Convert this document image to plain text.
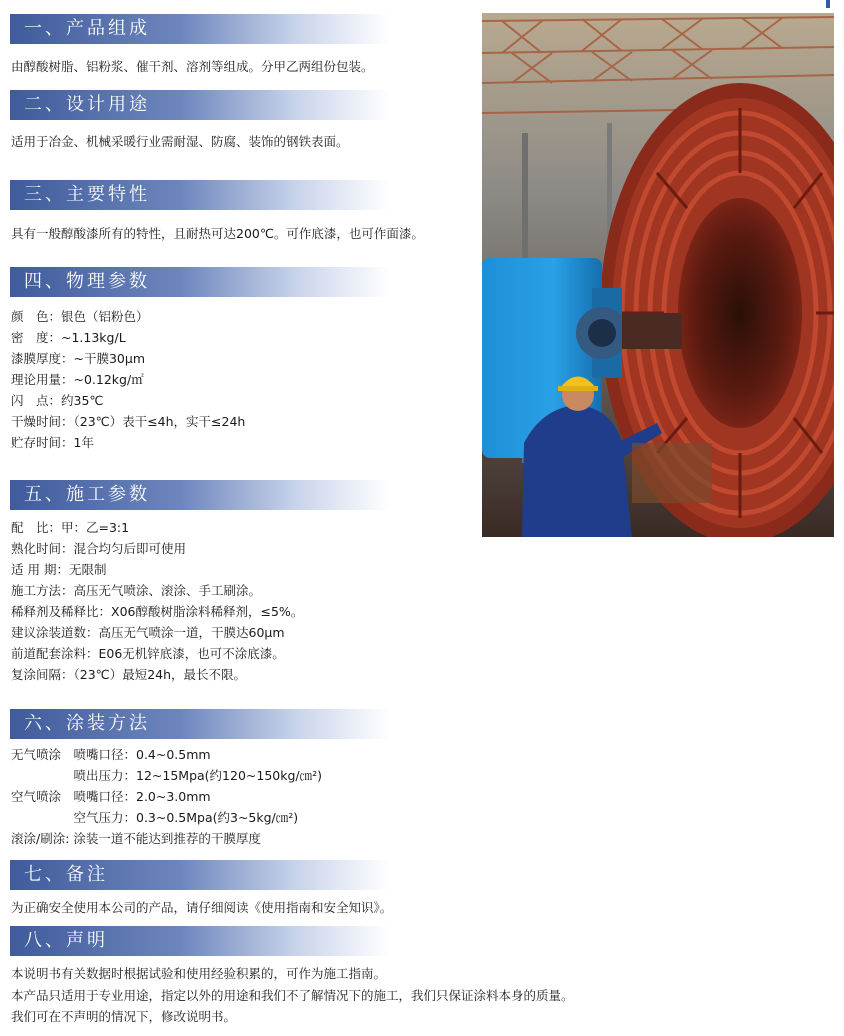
一、产品组成
由醇酸树脂、铝粉浆、催干剂、溶剂等组成。分甲乙两组份包装。
二、设计用途
适用于冶金、机械采暖行业需耐湿、防腐、装饰的钢铁表面。
三、主要特性
具有一般醇酸漆所有的特性，且耐热可达200℃。可作底漆，也可作面漆。
四、物理参数
颜　色：银色（铝粉色）
密　度：~1.13kg/L
漆膜厚度：~干膜30μm
理论用量：~0.12kg/㎡
闪　点：约35℃
干燥时间：（23℃）表干≤4h，实干≤24h
贮存时间：1年
五、施工参数
配　比：甲：乙=3:1
熟化时间：混合均匀后即可使用
适 用 期：无限制
施工方法：高压无气喷涂、滚涂、手工刷涂。
稀释剂及稀释比：X06醇酸树脂涂料稀释剂，≤5%。
建议涂装道数：高压无气喷涂一道，干膜达60μm
前道配套涂料：E06无机锌底漆，也可不涂底漆。
复涂间隔：（23℃）最短24h，最长不限。
六、涂装方法
无气喷涂　喷嘴口径：0.4~0.5mm
　　　　　喷出压力：12~15Mpa(约120~150kg/㎝²)
空气喷涂　喷嘴口径：2.0~3.0mm
　　　　　空气压力：0.3~0.5Mpa(约3~5kg/㎝²)
滚涂/刷涂: 涂装一道不能达到推荐的干膜厚度
七、备注
为正确安全使用本公司的产品，请仔细阅读《使用指南和安全知识》。
八、声明
本说明书有关数据时根据试验和使用经验积累的，可作为施工指南。
本产品只适用于专业用途，指定以外的用途和我们不了解情况下的施工，我们只保证涂料本身的质量。
我们可在不声明的情况下，修改说明书。
